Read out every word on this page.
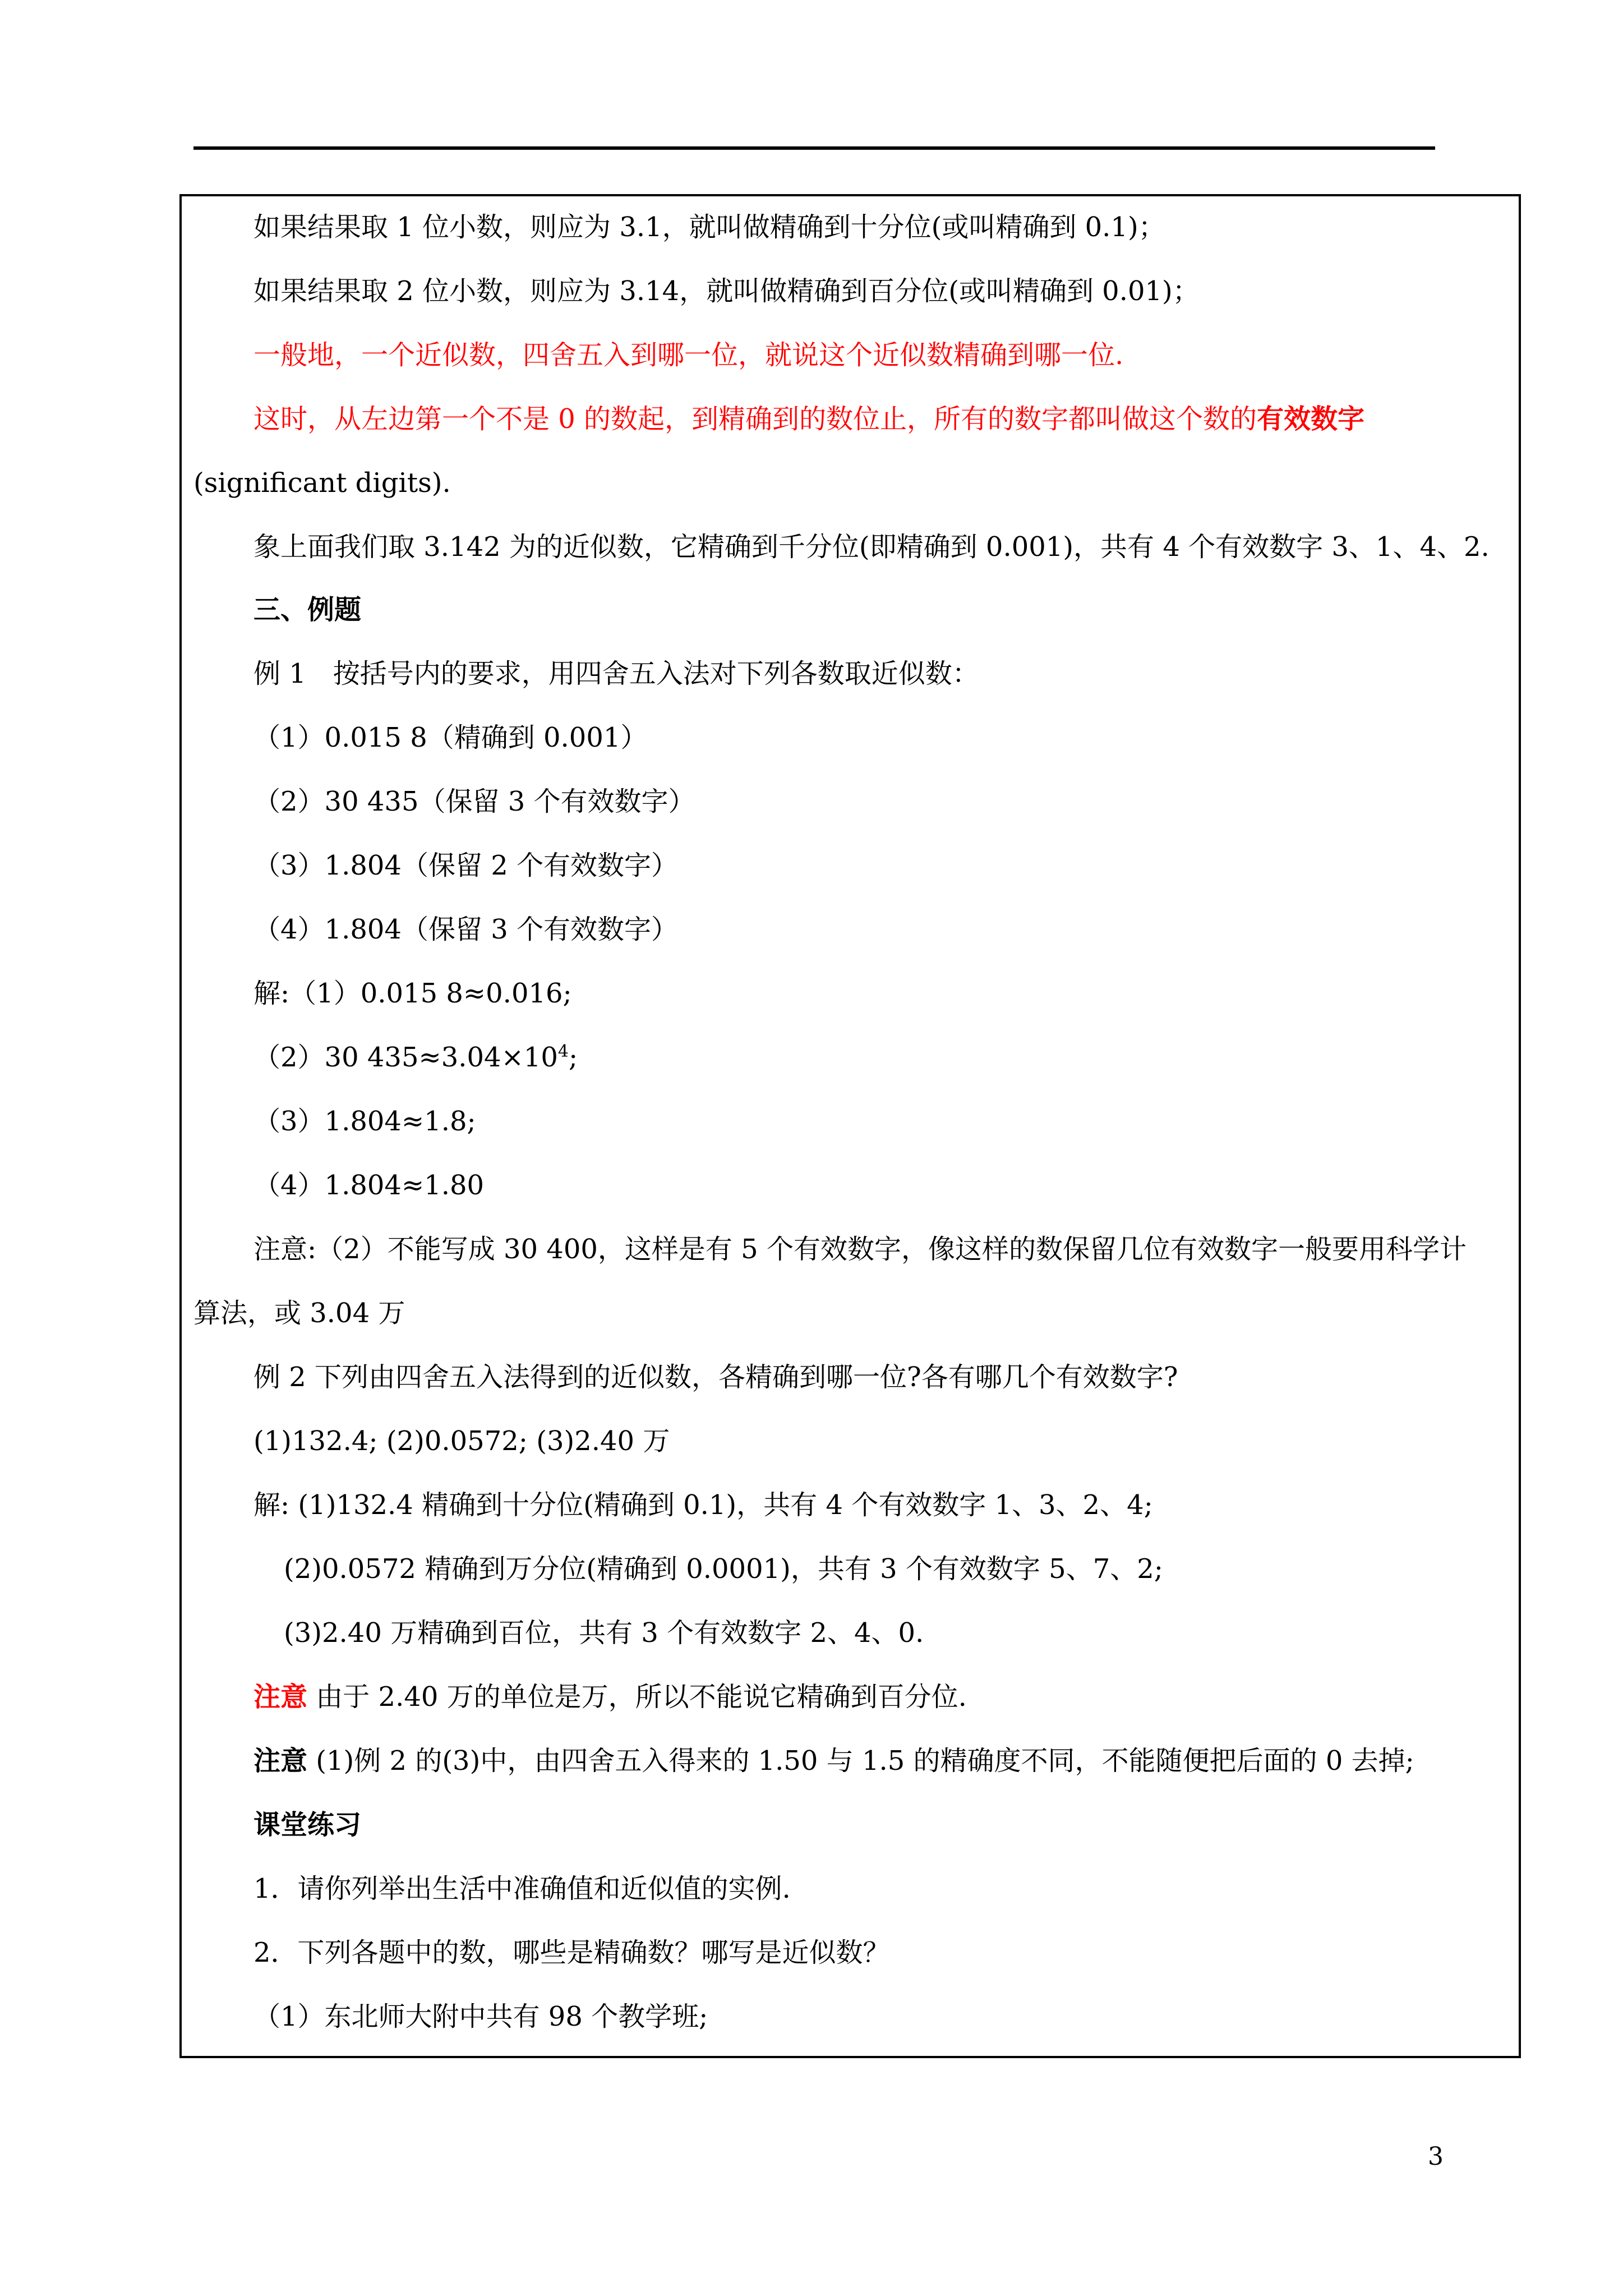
如果结果取 1 位小数，则应为 3.1，就叫做精确到十分位(或叫精确到 0.1)；
如果结果取 2 位小数，则应为 3.14，就叫做精确到百分位(或叫精确到 0.01)；
一般地，一个近似数，四舍五入到哪一位，就说这个近似数精确到哪一位.
这时，从左边第一个不是 0 的数起，到精确到的数位止，所有的数字都叫做这个数的有效数字
(significant digits).
象上面我们取 3.142 为的近似数，它精确到千分位(即精确到 0.001)，共有 4 个有效数字 3、1、4、2.
三、例题
例 1　按括号内的要求，用四舍五入法对下列各数取近似数：
（1）0.015 8（精确到 0.001）
（2）30 435（保留 3 个有效数字）
（3）1.804（保留 2 个有效数字）
（4）1.804（保留 3 个有效数字）
解:（1）0.015 8≈0.016;
（2）30 $435\approx 3.04\times 10^4$;
（3）1.804≈1.8;
（4）1.804≈1.80
注意:（2）不能写成 30 400，这样是有 5 个有效数字，像这样的数保留几位有效数字一般要用科学计
算法，或 3.04 万
例 2 下列由四舍五入法得到的近似数，各精确到哪一位?各有哪几个有效数字?
(1)132.4; (2)0.0572; (3)2.40 万
解: (1)132.4 精确到十分位(精确到 0.1)，共有 4 个有效数字 1、3、2、4;
(2)0.0572 精确到万分位(精确到 0.0001)，共有 3 个有效数字 5、7、2;
(3)2.40 万精确到百位，共有 3 个有效数字 2、4、0.
注意 由于 2.40 万的单位是万，所以不能说它精确到百分位.
注意 (1)例 2 的(3)中，由四舍五入得来的 1.50 与 1.5 的精确度不同，不能随便把后面的 0 去掉;
课堂练习
1．请你列举出生活中准确值和近似值的实例.
2．下列各题中的数，哪些是精确数？哪写是近似数？
（1）东北师大附中共有 98 个教学班;
3
